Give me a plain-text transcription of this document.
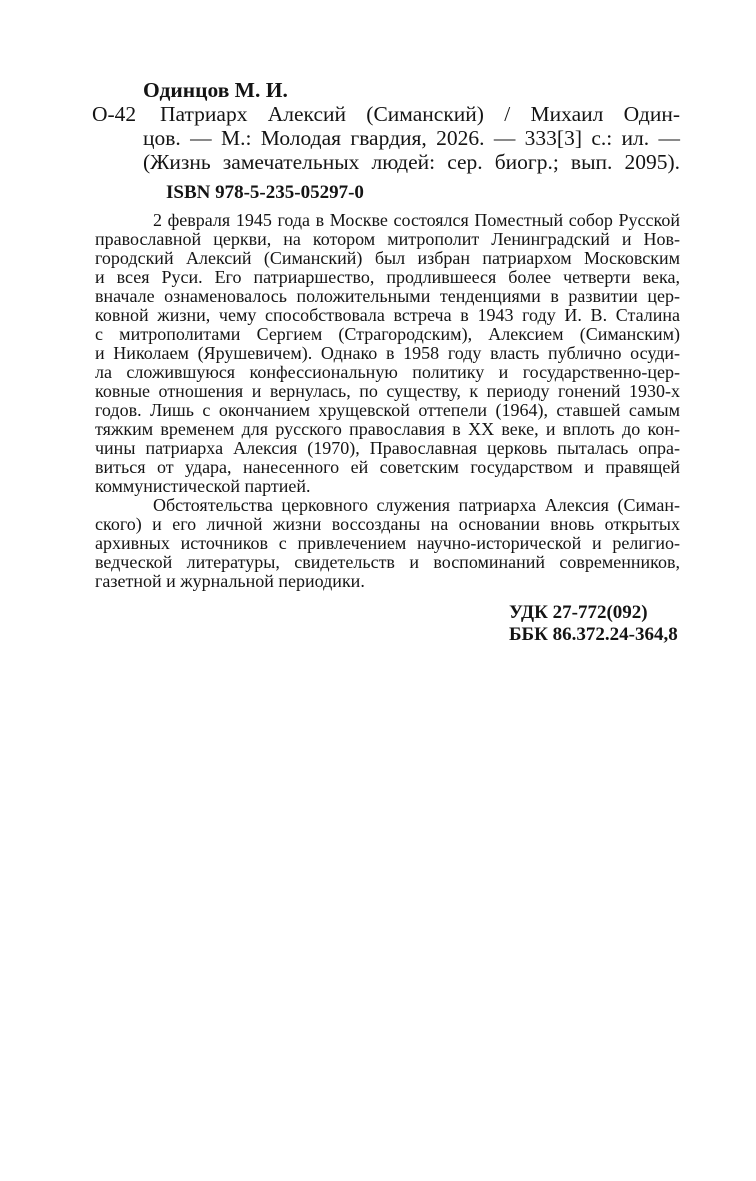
Одинцов М. И.
О-42	Патриарх Алексий (Симанский) / Михаил Один-
цов. — М.: Молодая гвардия, 2026. — 333[3] с.: ил. —
(Жизнь замечательных людей: сер. биогр.; вып. 2095).
ISBN 978-5-235-05297-0
2 февраля 1945 года в Москве состоялся Поместный собор Русской
православной церкви, на котором митрополит Ленинградский и Нов-
городский Алексий (Симанский) был избран патриархом Московским
и всея Руси. Его патриаршество, продлившееся более четверти века,
вначале ознаменовалось положительными тенденциями в развитии цер-
ковной жизни, чему способствовала встреча в 1943 году И. В. Сталина
с митрополитами Сергием (Страгородским), Алексием (Симанским)
и Николаем (Ярушевичем). Однако в 1958 году власть публично осуди-
ла сложившуюся конфессиональную политику и государственно-цер-
ковные отношения и вернулась, по существу, к периоду гонений 1930-х
годов. Лишь с окончанием хрущевской оттепели (1964), ставшей самым
тяжким временем для русского православия в XX веке, и вплоть до кон-
чины патриарха Алексия (1970), Православная церковь пыталась опра-
виться от удара, нанесенного ей советским государством и правящей
коммунистической партией.
Обстоятельства церковного служения патриарха Алексия (Симан-
ского) и его личной жизни воссозданы на основании вновь открытых
архивных источников с привлечением научно-исторической и религио-
ведческой литературы, свидетельств и воспоминаний современников,
газетной и журнальной периодики.
УДК 27-772(092)
ББК 86.372.24-364,8
